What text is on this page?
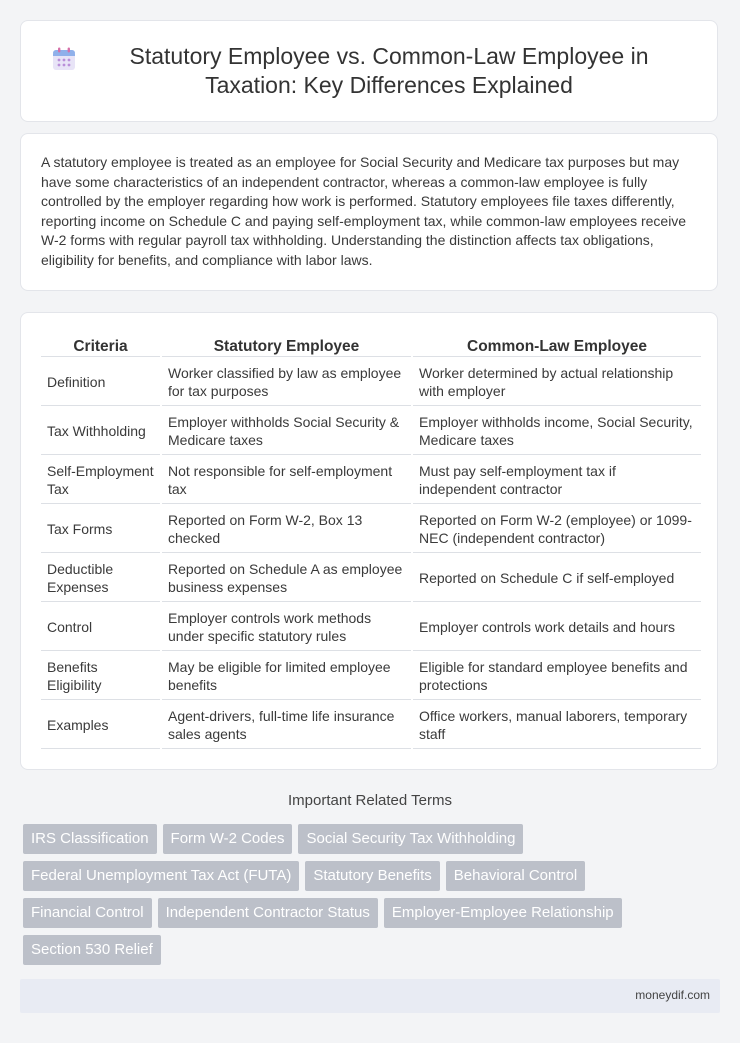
Statutory Employee vs. Common-Law Employee in Taxation: Key Differences Explained

A statutory employee is treated as an employee for Social Security and Medicare tax purposes but may have some characteristics of an independent contractor, whereas a common-law employee is fully controlled by the employer regarding how work is performed. Statutory employees file taxes differently, reporting income on Schedule C and paying self-employment tax, while common-law employees receive W-2 forms with regular payroll tax withholding. Understanding the distinction affects tax obligations, eligibility for benefits, and compliance with labor laws.

Criteria	Statutory Employee	Common-Law Employee
Definition	Worker classified by law as employee for tax purposes	Worker determined by actual relationship with employer
Tax Withholding	Employer withholds Social Security & Medicare taxes	Employer withholds income, Social Security, Medicare taxes
Self-Employment Tax	Not responsible for self-employment tax	Must pay self-employment tax if independent contractor
Tax Forms	Reported on Form W-2, Box 13 checked	Reported on Form W-2 (employee) or 1099-NEC (independent contractor)
Deductible Expenses	Reported on Schedule A as employee business expenses	Reported on Schedule C if self-employed
Control	Employer controls work methods under specific statutory rules	Employer controls work details and hours
Benefits Eligibility	May be eligible for limited employee benefits	Eligible for standard employee benefits and protections
Examples	Agent-drivers, full-time life insurance sales agents	Office workers, manual laborers, temporary staff
Important Related Terms
IRS Classification	Form W-2 Codes	Social Security Tax Withholding
Federal Unemployment Tax Act (FUTA)	Statutory Benefits	Behavioral Control
Financial Control	Independent Contractor Status	Employer-Employee Relationship
Section 530 Relief
moneydif.com
